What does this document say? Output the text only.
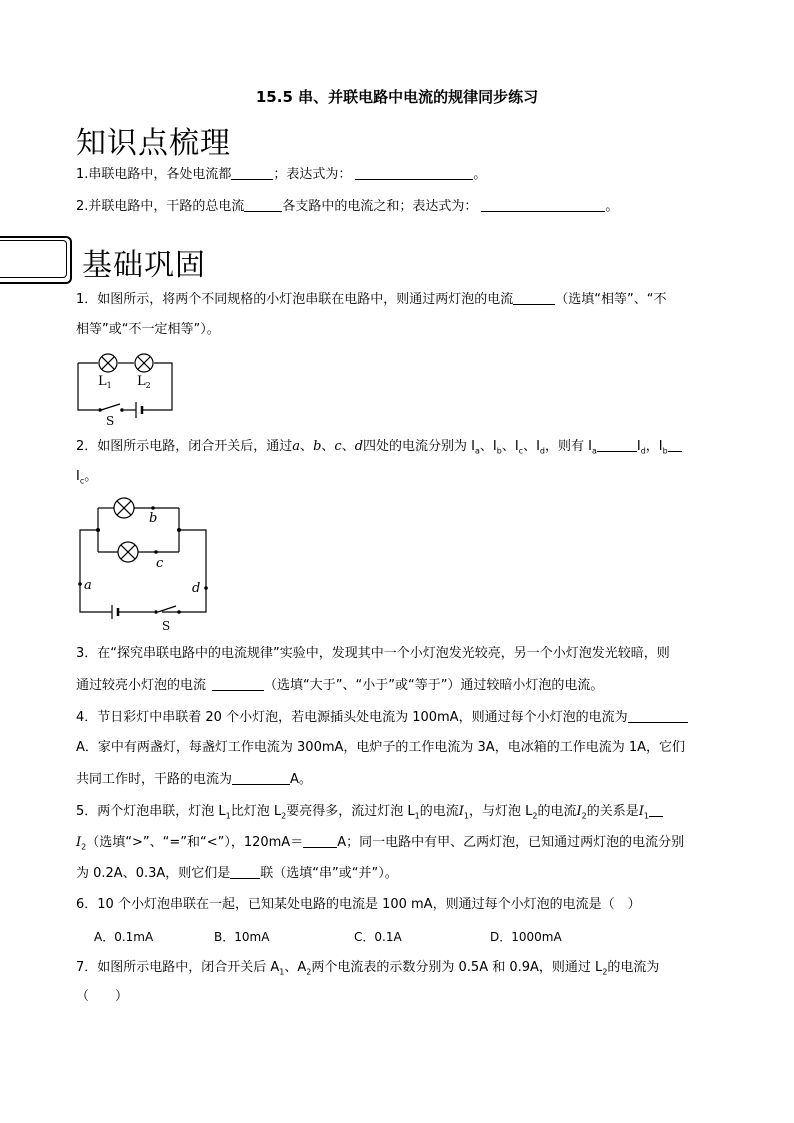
15.5 串、并联电路中电流的规律同步练习
知识点梳理
1.串联电路中，各处电流都	；表达式为：	。
2.并联电路中，干路的总电流	各支路中的电流之和；表达式为：	。
基础巩固
1．如图所示，将两个不同规格的小灯泡串联在电路中，则通过两灯泡的电流	（选填“相等”、“不
相等”或“不一定相等”）。
$L_1$ $L_2$
S
2．如图所示电路，闭合开关后，通过a、b、c、d四处的电流分别为 $I_a$、$I_b$、$I_c$、$I_d$，则有 $I_a$	$I_d$，$I_b$
$I_c$。
a
b
c
d
S
3．在“探究串联电路中的电流规律”实验中，发现其中一个小灯泡发光较亮，另一个小灯泡发光较暗，则
通过较亮小灯泡的电流	（选填“大于”、“小于”或“等于”）通过较暗小灯泡的电流。
4．节日彩灯中串联着 20 个小灯泡，若电源插头处电流为 100mA，则通过每个小灯泡的电流为
A．家中有两盏灯，每盏灯工作电流为 300mA，电炉子的工作电流为 3A，电冰箱的工作电流为 1A，它们
共同工作时，干路的电流为	A。
5．两个灯泡串联，灯泡 $L_1$比灯泡 $L_2$要亮得多，流过灯泡 $L_1$的电流$I_1$，与灯泡 $L_2$的电流$I_2$的关系是$I_1$
$I_2$（选填“>”、“=”和“<”），120mA＝	A；同一电路中有甲、乙两灯泡，已知通过两灯泡的电流分别
为 0.2A、0.3A，则它们是 联（选填“串”或“并”）。
6．10 个小灯泡串联在一起，已知某处电路的电流是 100 mA，则通过每个小灯泡的电流是（　）
A．0.1mA	B．10mA	C．0.1A	D．1000mA
7．如图所示电路中，闭合开关后 $A_1$、$A_2$两个电流表的示数分别为 0.5A 和 0.9A，则通过 $L_2$的电流为
（　　）
